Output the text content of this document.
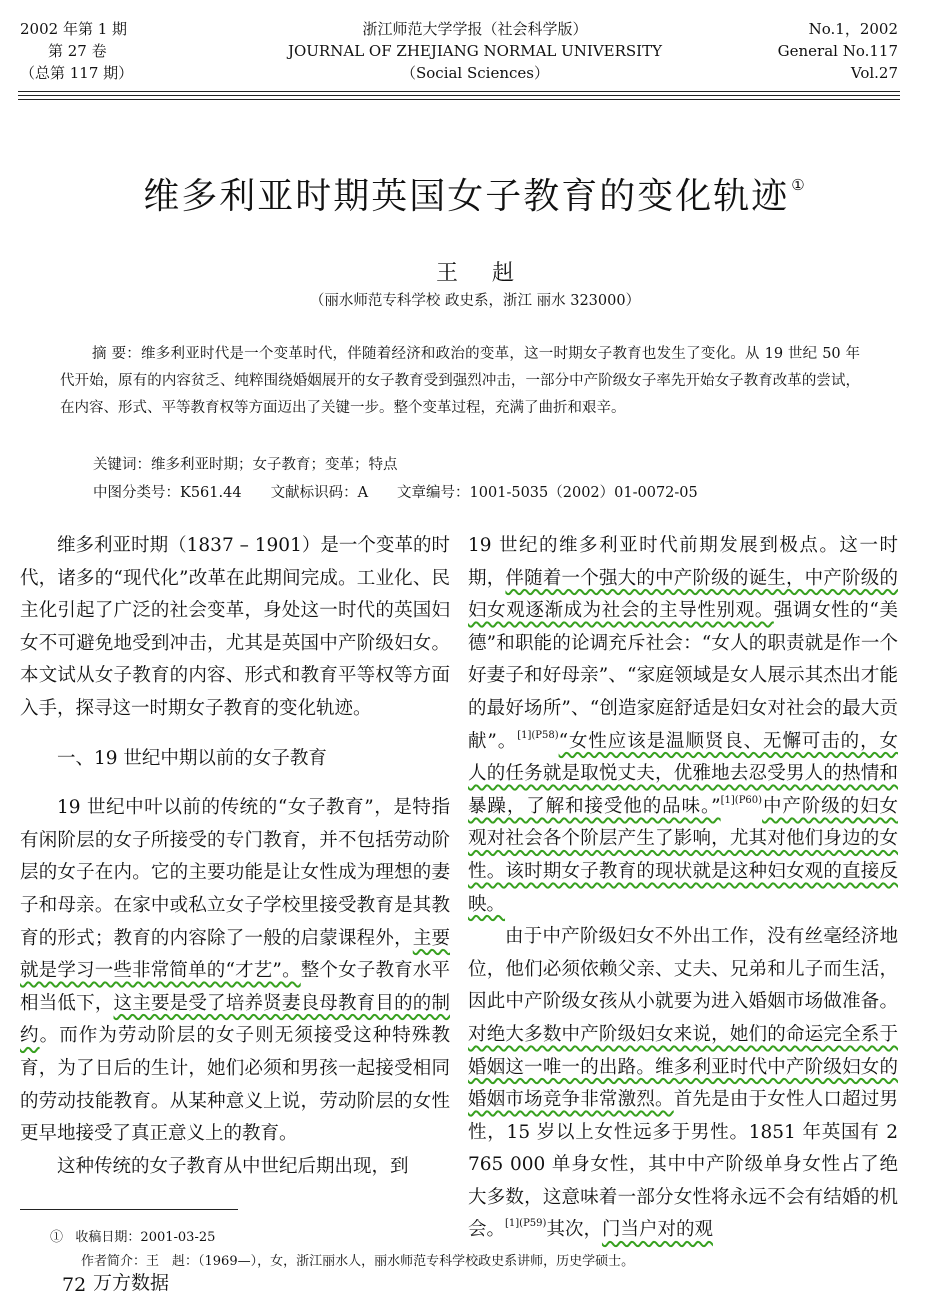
2002 年第 1 期
第 27 卷
（总第 117 期）
浙江师范大学学报（社会科学版）
JOURNAL OF ZHEJIANG NORMAL UNIVERSITY
（Social Sciences）
No.1，2002
General No.117
Vol.27
维多利亚时期英国女子教育的变化轨迹 ①
王赳
（丽水师范专科学校 政史系，浙江 丽水 323000）

摘 要：维多利亚时代是一个变革时代，伴随着经济和政治的变革，这一时期女子教育也发生了变化。从 19 世纪 50 年代开始，原有的内容贫乏、纯粹围绕婚姻展开的女子教育受到强烈冲击，一部分中产阶级女子率先开始女子教育改革的尝试，在内容、形式、平等教育权等方面迈出了关键一步。整个变革过程，充满了曲折和艰辛。

关键词：维多利亚时期；女子教育；变革；特点
中图分类号：K561.44　　文献标识码：A　　文章编号：1001-5035（2002）01-0072-05

维多利亚时期（1837 – 1901）是一个变革的时代，诸多的“现代化”改革在此期间完成。工业化、民主化引起了广泛的社会变革，身处这一时代的英国妇女不可避免地受到冲击，尤其是英国中产阶级妇女。本文试从女子教育的内容、形式和教育平等权等方面入手，探寻这一时期女子教育的变化轨迹。

一、19 世纪中期以前的女子教育

19 世纪中叶以前的传统的“女子教育”，是特指有闲阶层的女子所接受的专门教育，并不包括劳动阶层的女子在内。它的主要功能是让女性成为理想的妻子和母亲。在家中或私立女子学校里接受教育是其教育的形式；教育的内容除了一般的启蒙课程外，主要就是学习一些非常简单的“才艺”。整个女子教育水平相当低下，这主要是受了培养贤妻良母教育目的的制约。而作为劳动阶层的女子则无须接受这种特殊教育，为了日后的生计，她们必须和男孩一起接受相同的劳动技能教育。从某种意义上说，劳动阶层的女性更早地接受了真正意义上的教育。

这种传统的女子教育从中世纪后期出现，到

19 世纪的维多利亚时代前期发展到极点。这一时期，伴随着一个强大的中产阶级的诞生，中产阶级的妇女观逐渐成为社会的主导性别观。强调女性的“美德”和职能的论调充斥社会：“女人的职责就是作一个好妻子和好母亲”、“家庭领域是女人展示其杰出才能的最好场所”、“创造家庭舒适是妇女对社会的最大贡献”。$^{[1](P58)}$“女性应该是温顺贤良、无懈可击的，女人的任务就是取悦丈夫，优雅地去忍受男人的热情和暴躁，了解和接受他的品味。”$^{[1](P60)}$中产阶级的妇女观对社会各个阶层产生了影响，尤其对他们身边的女性。该时期女子教育的现状就是这种妇女观的直接反映。

由于中产阶级妇女不外出工作，没有丝毫经济地位，他们必须依赖父亲、丈夫、兄弟和儿子而生活，因此中产阶级女孩从小就要为进入婚姻市场做准备。对绝大多数中产阶级妇女来说，她们的命运完全系于婚姻这一唯一的出路。维多利亚时代中产阶级妇女的婚姻市场竞争非常激烈。首先是由于女性人口超过男性，15 岁以上女性远多于男性。1851 年英国有 2 765 000 单身女性，其中中产阶级单身女性占了绝大多数，这意味着一部分女性将永远不会有结婚的机会。$^{[1](P59)}$其次，门当户对的观

① 收稿日期：2001-03-25
作者简介：王　赳：（1969—），女，浙江丽水人，丽水师范专科学校政史系讲师，历史学硕士。
72 万方数据
